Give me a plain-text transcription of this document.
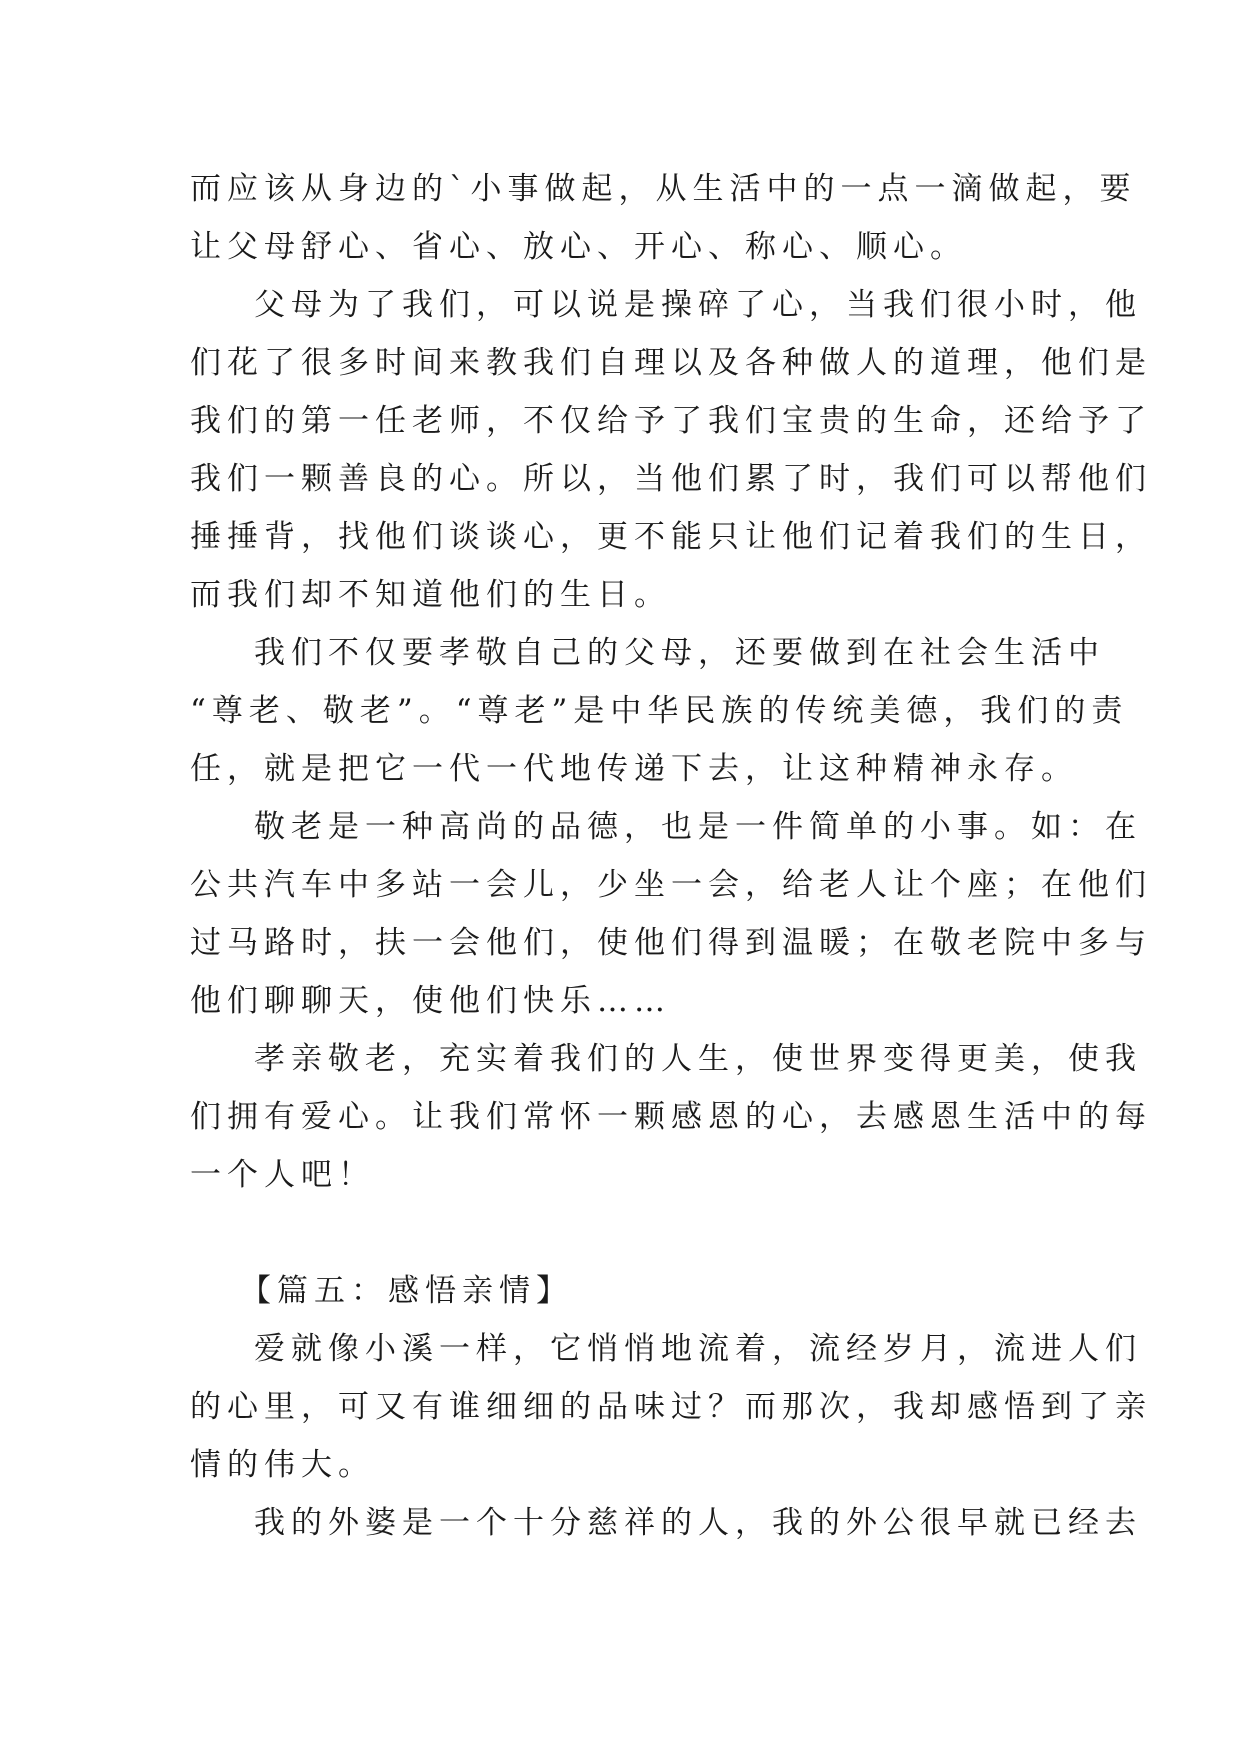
而应该从身边的`小事做起，从生活中的一点一滴做起，要
让父母舒心、省心、放心、开心、称心、顺心。
父母为了我们，可以说是操碎了心，当我们很小时，他
们花了很多时间来教我们自理以及各种做人的道理，他们是
我们的第一任老师，不仅给予了我们宝贵的生命，还给予了
我们一颗善良的心。所以，当他们累了时，我们可以帮他们
捶捶背，找他们谈谈心，更不能只让他们记着我们的生日，
而我们却不知道他们的生日。
我们不仅要孝敬自己的父母，还要做到在社会生活中
“尊老、敬老”。“尊老”是中华民族的传统美德，我们的责
任，就是把它一代一代地传递下去，让这种精神永存。
敬老是一种高尚的品德，也是一件简单的小事。如：在
公共汽车中多站一会儿，少坐一会，给老人让个座；在他们
过马路时，扶一会他们，使他们得到温暖；在敬老院中多与
他们聊聊天，使他们快乐……
孝亲敬老，充实着我们的人生，使世界变得更美，使我
们拥有爱心。让我们常怀一颗感恩的心，去感恩生活中的每
一个人吧！
【篇五：感悟亲情】
爱就像小溪一样，它悄悄地流着，流经岁月，流进人们
的心里，可又有谁细细的品味过？而那次，我却感悟到了亲
情的伟大。
我的外婆是一个十分慈祥的人，我的外公很早就已经去
